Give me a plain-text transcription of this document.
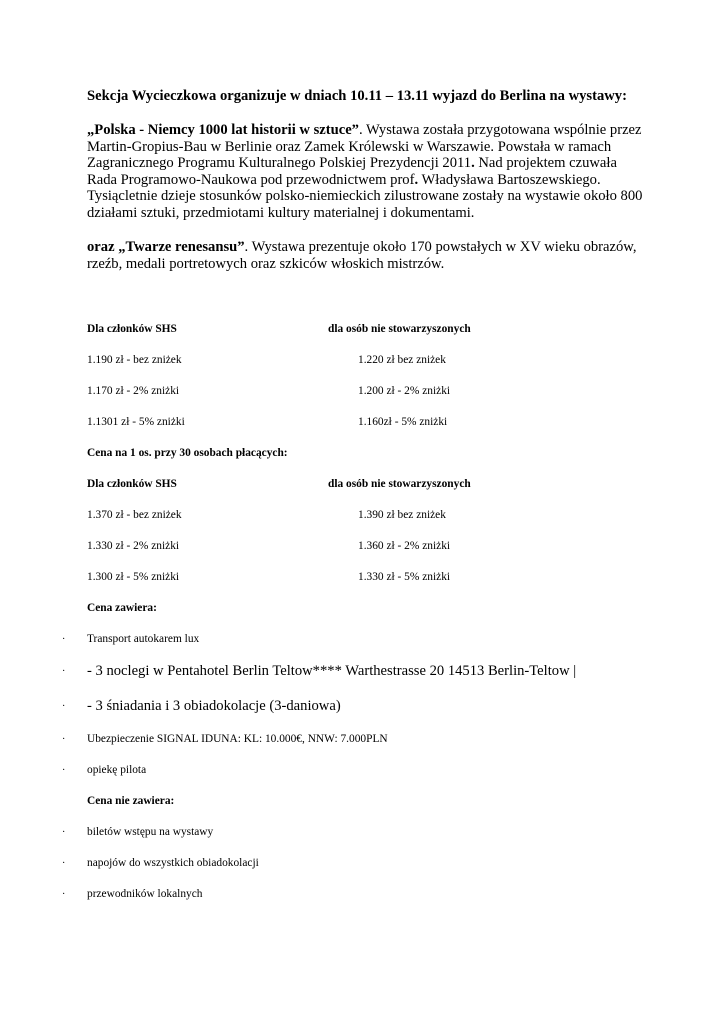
Sekcja Wycieczkowa organizuje w dniach 10.11 – 13.11 wyjazd do Berlina na wystawy:
„Polska - Niemcy 1000 lat historii w sztuce”. Wystawa została przygotowana wspólnie przez Martin-Gropius-Bau w Berlinie oraz Zamek Królewski w Warszawie. Powstała w ramach Zagranicznego Programu Kulturalnego Polskiej Prezydencji 2011. Nad projektem czuwała Rada Programowo-Naukowa pod przewodnictwem prof. Władysława Bartoszewskiego. Tysiącletnie dzieje stosunków polsko-niemieckich zilustrowane zostały na wystawie około 800 działami sztuki, przedmiotami kultury materialnej i dokumentami.
oraz „Twarze renesansu”. Wystawa prezentuje około 170 powstałych w XV wieku obrazów, rzeźb, medali portretowych oraz szkiców włoskich mistrzów.
Dla członków SHS	dla osób nie stowarzyszonych
1.190 zł - bez zniżek	1.220 zł bez zniżek
1.170 zł - 2% zniżki	1.200 zł - 2% zniżki
1.1301 zł - 5% zniżki	1.160zł - 5% zniżki
Cena na 1 os. przy 30 osobach płacących:
Dla członków SHS	dla osób nie stowarzyszonych
1.370 zł - bez zniżek	1.390 zł bez zniżek
1.330 zł - 2% zniżki	1.360 zł - 2% zniżki
1.300 zł - 5% zniżki	1.330 zł - 5% zniżki
Cena zawiera:
· Transport autokarem lux
· - 3 noclegi w Pentahotel Berlin Teltow**** Warthestrasse 20 14513 Berlin-Teltow |
· - 3 śniadania i 3 obiadokolacje (3-daniowa)
· Ubezpieczenie SIGNAL IDUNA: KL: 10.000€, NNW: 7.000PLN
· opiekę pilota
Cena nie zawiera:
· biletów wstępu na wystawy
· napojów do wszystkich obiadokolacji
· przewodników lokalnych
